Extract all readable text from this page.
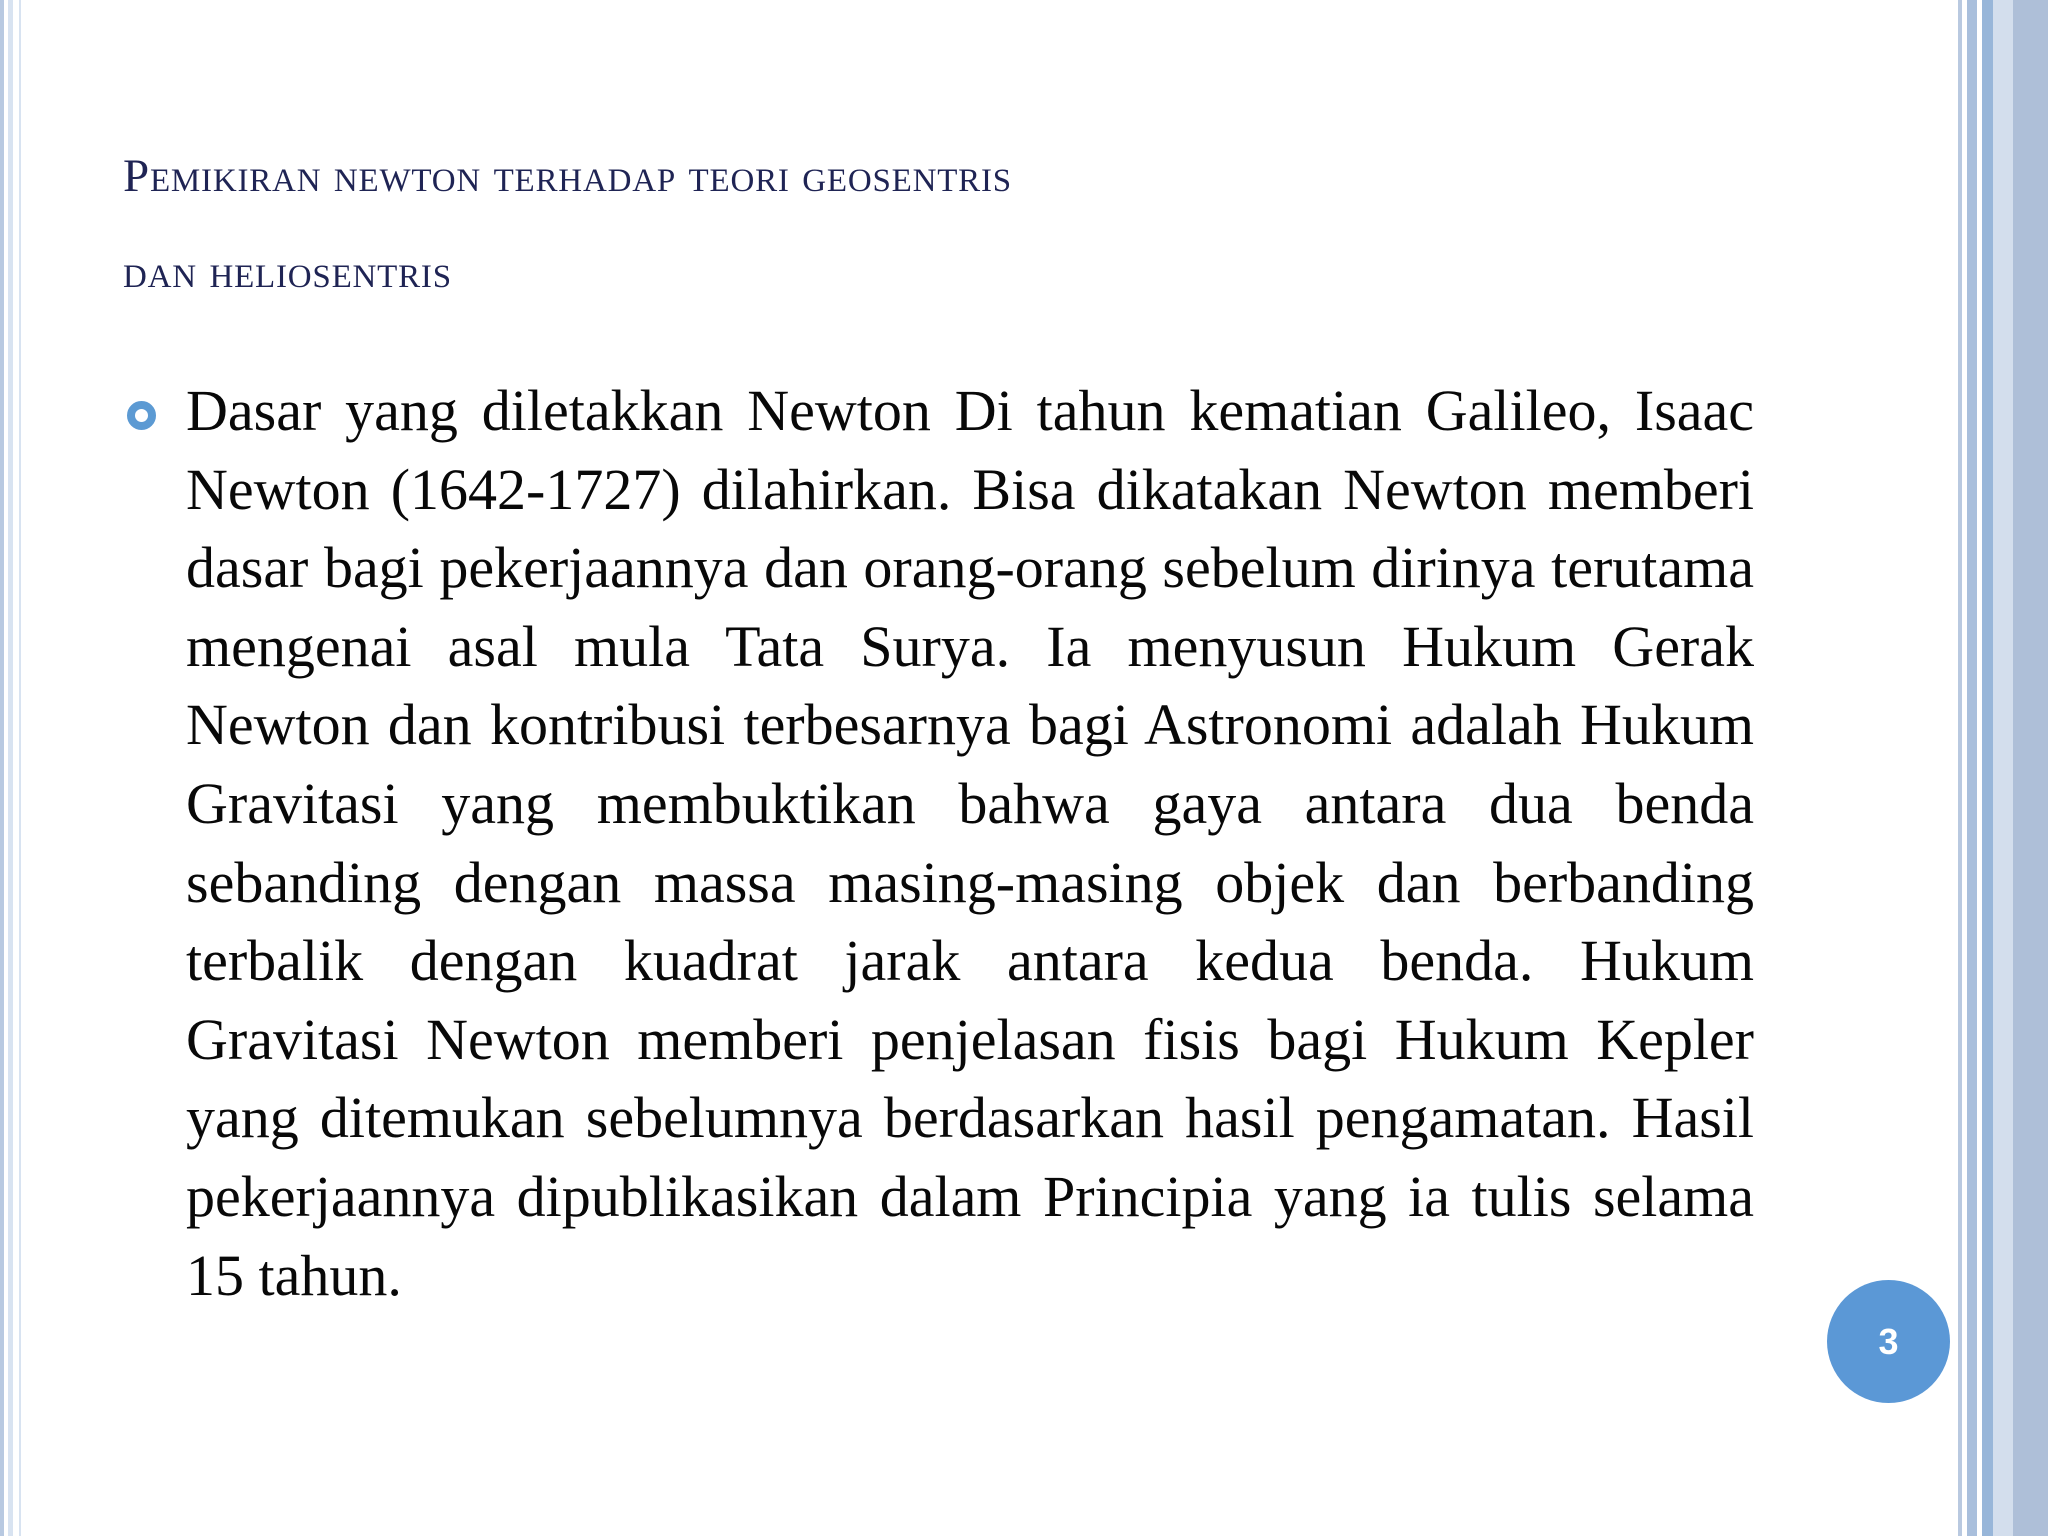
Pemikiran newton terhadap teori geosentris
dan heliosentris
Dasar yang diletakkan Newton Di tahun kematian Galileo, Isaac Newton (1642-1727) dilahirkan. Bisa dikatakan Newton memberi dasar bagi pekerjaannya dan orang-orang sebelum dirinya terutama mengenai asal mula Tata Surya. Ia menyusun Hukum Gerak Newton dan kontribusi terbesarnya bagi Astronomi adalah Hukum Gravitasi yang membuktikan bahwa gaya antara dua benda sebanding dengan massa masing-masing objek dan berbanding terbalik dengan kuadrat jarak antara kedua benda. Hukum Gravitasi Newton memberi penjelasan fisis bagi Hukum Kepler yang ditemukan sebelumnya berdasarkan hasil pengamatan. Hasil pekerjaannya dipublikasikan dalam Principia yang ia tulis selama 15 tahun.
3
